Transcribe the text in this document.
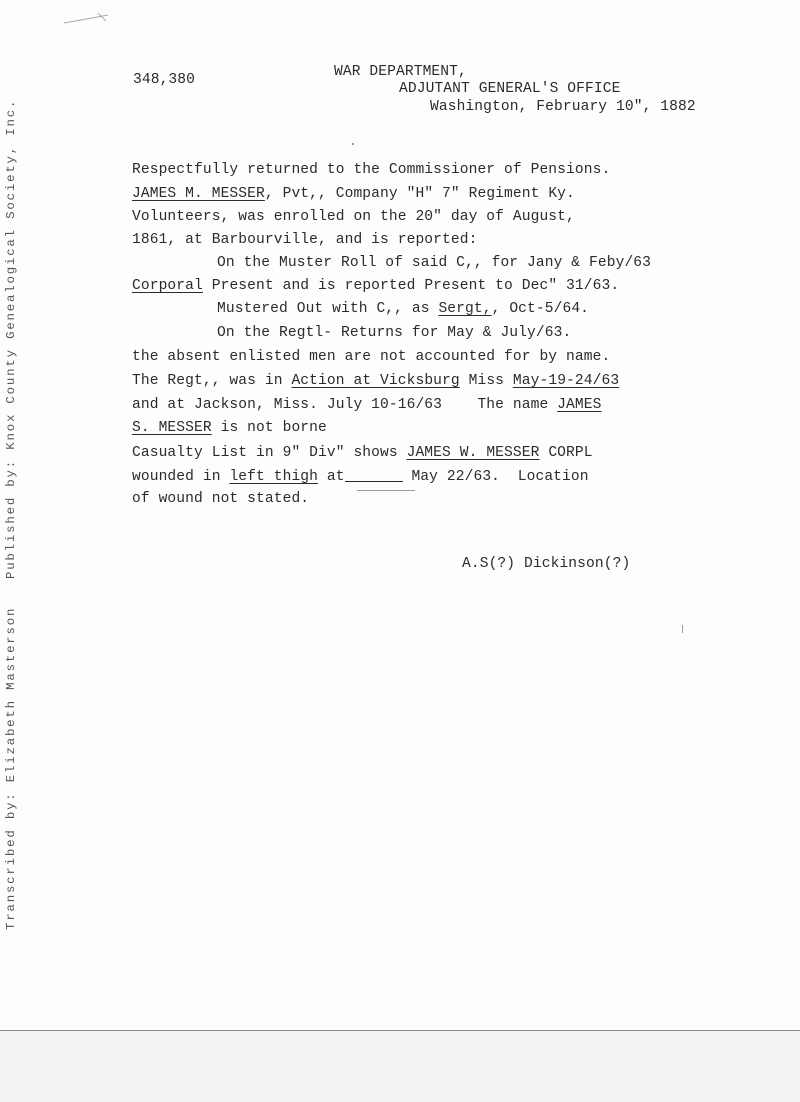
348,380	WAR DEPARTMENT,
ADJUTANT GENERAL'S OFFICE
Washington, February 10", 1882
Respectfully returned to the Commissioner of Pensions.
JAMES M. MESSER, Pvt,, Company "H" 7" Regiment Ky.
Volunteers, was enrolled on the 20" day of August,
1861, at Barbourville, and is reported:
On the Muster Roll of said C,, for Jany & Feby/63
Corporal Present and is reported Present to Dec" 31/63.
Mustered Out with C,, as Sergt,, Oct-5/64.
On the Regtl- Returns for May & July/63.
the absent enlisted men are not accounted for by name.
The Regt,, was in Action at Vicksburg Miss May-19-24/63
and at Jackson, Miss. July 10-16/63    The name JAMES
S. MESSER is not borne
Casualty List in 9" Div" shows JAMES W. MESSER CORPL
wounded in left thigh at	May 22/63.  Location
of wound not stated.
A.S(?) Dickinson(?)
Transcribed by: Elizabeth Masterson   Published by: Knox County Genealogical Society, Inc.
